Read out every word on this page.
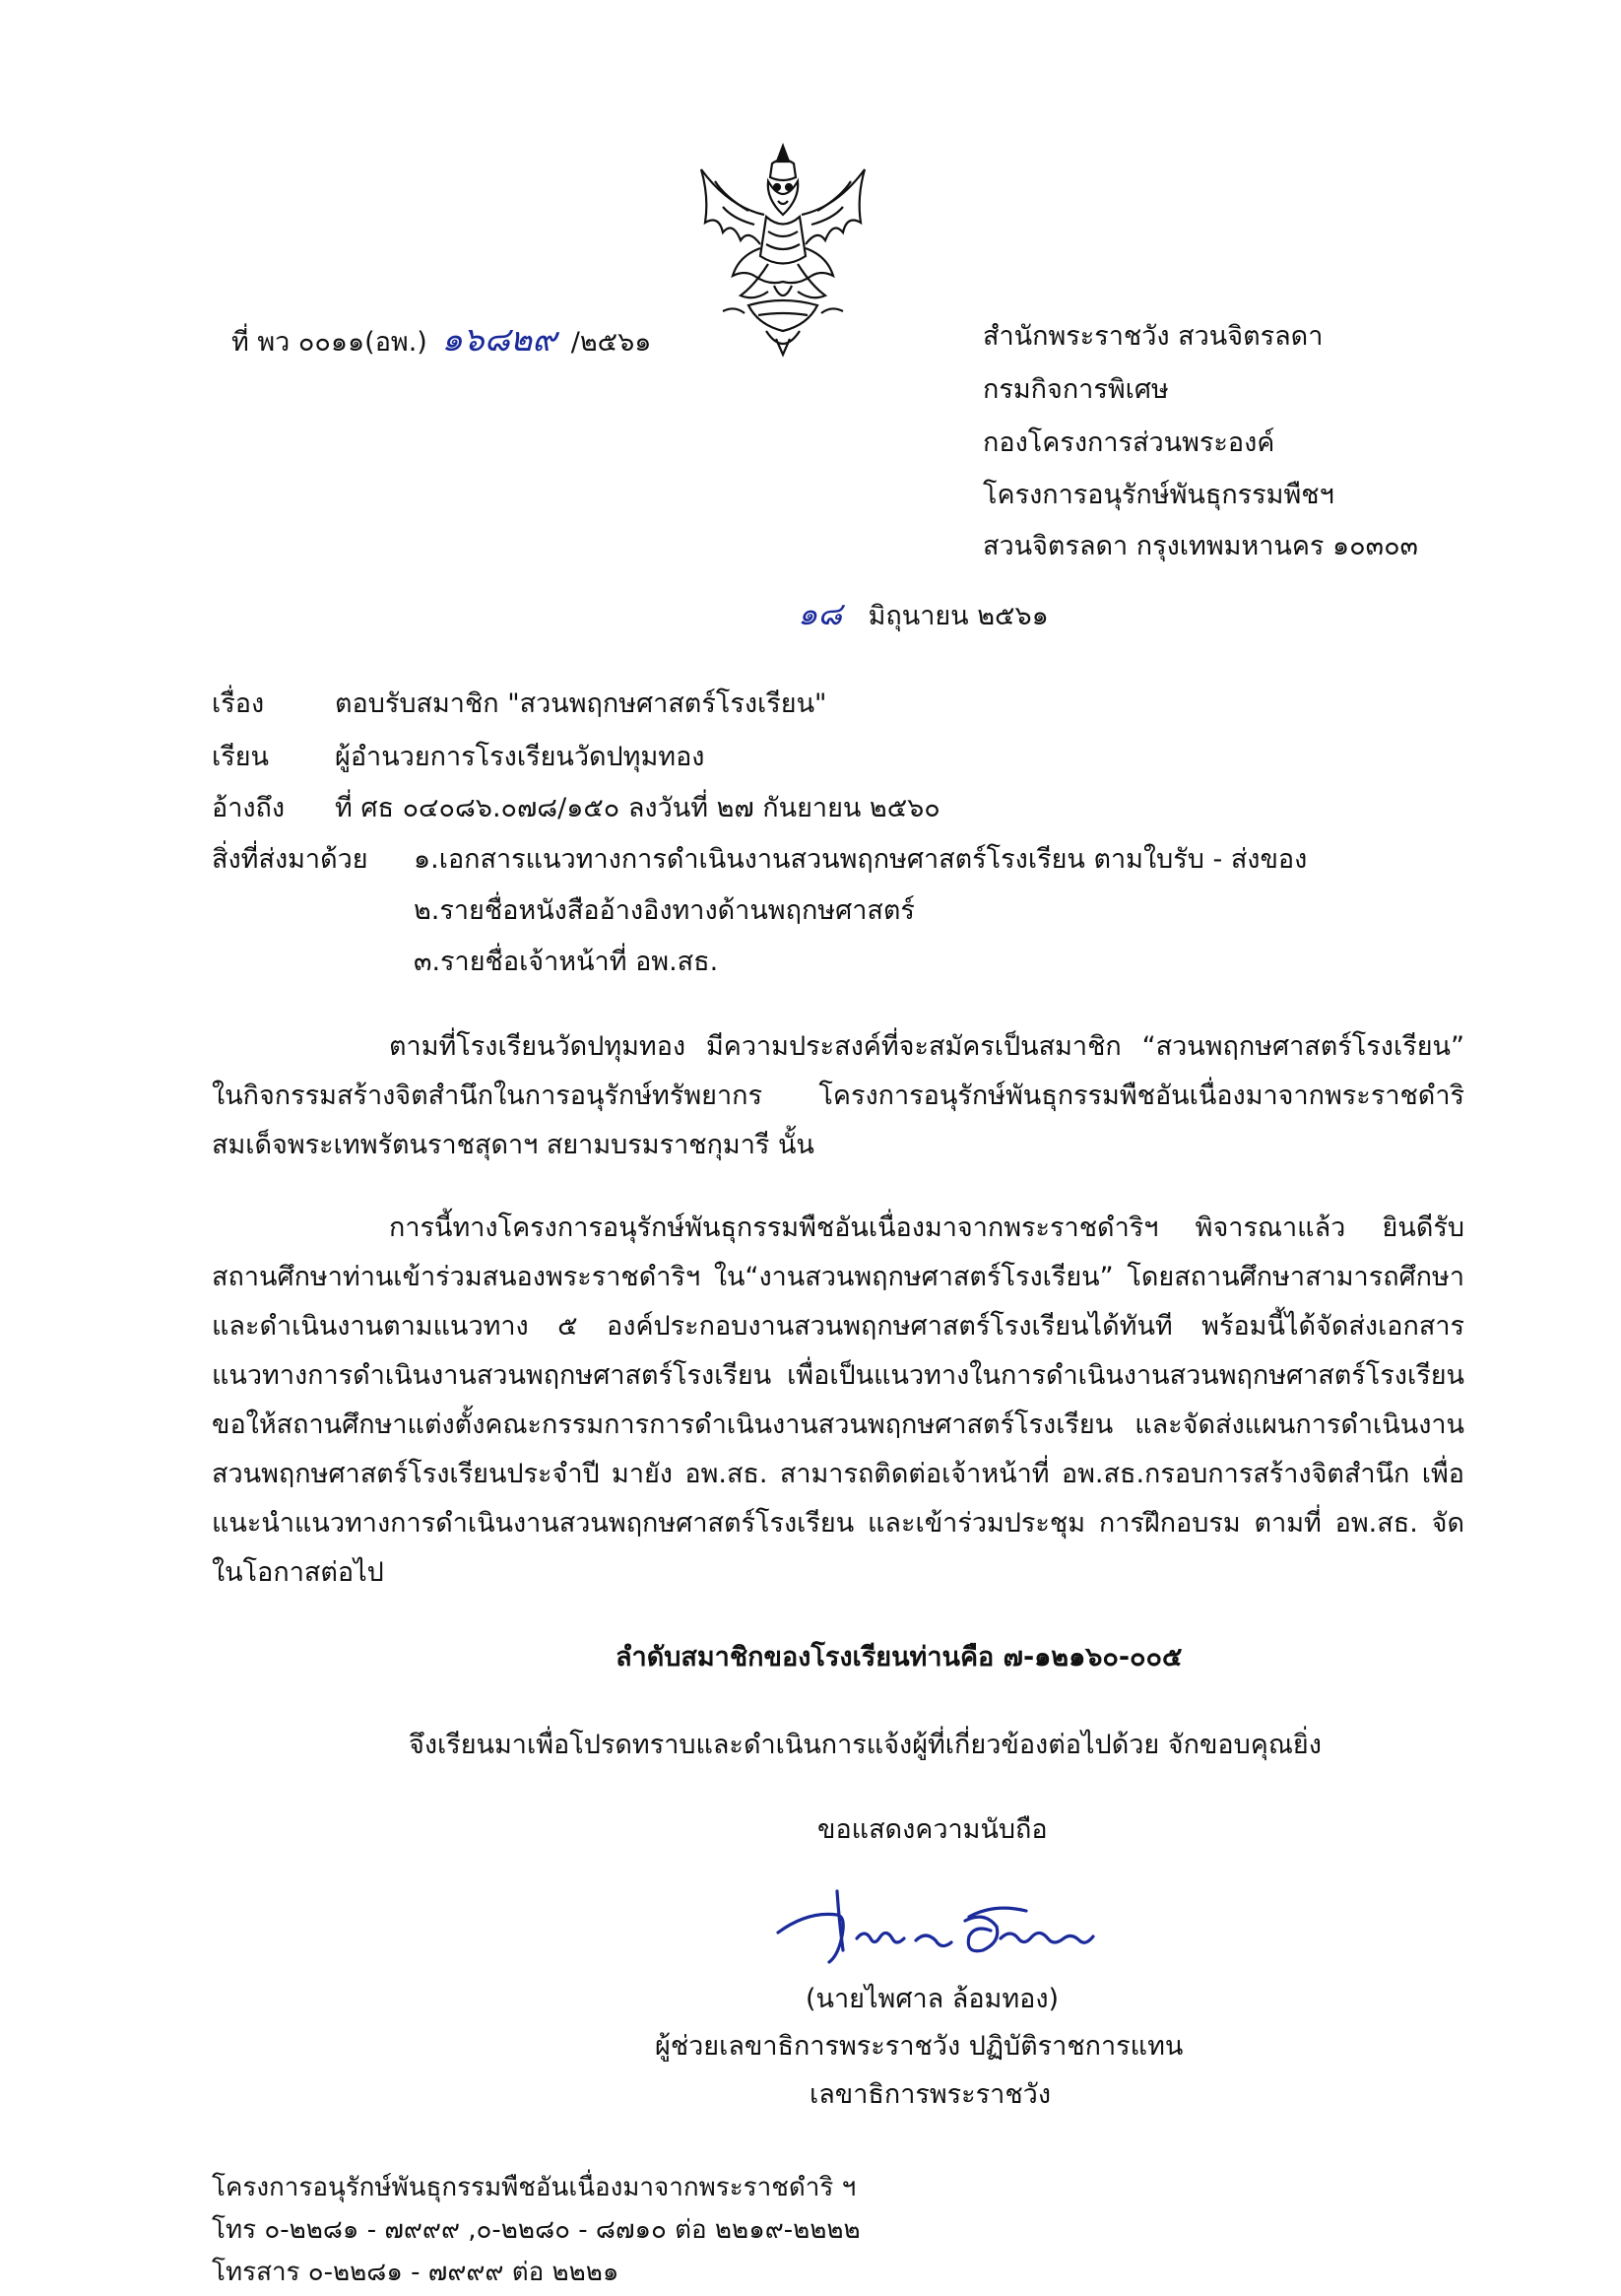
ที่ พว ๐๐๑๑(อพ.) ๑๖๘๒๙ /๒๕๖๑	สำนักพระราชวัง สวนจิตรลดา
กรมกิจการพิเศษ
กองโครงการส่วนพระองค์
โครงการอนุรักษ์พันธุกรรมพืชฯ
สวนจิตรลดา กรุงเทพมหานคร ๑๐๓๐๓
๑๘ มิถุนายน ๒๕๖๑
เรื่อง	ตอบรับสมาชิก "สวนพฤกษศาสตร์โรงเรียน"
เรียน ผู้อำนวยการโรงเรียนวัดปทุมทอง
อ้างถึง ที่ ศธ ๐๔๐๘๖.๐๗๘/๑๕๐ ลงวันที่ ๒๗ กันยายน ๒๕๖๐
สิ่งที่ส่งมาด้วย ๑.เอกสารแนวทางการดำเนินงานสวนพฤกษศาสตร์โรงเรียน ตามใบรับ - ส่งของ
๒.รายชื่อหนังสืออ้างอิงทางด้านพฤกษศาสตร์
๓.รายชื่อเจ้าหน้าที่ อพ.สธ.
ตามที่โรงเรียนวัดปทุมทอง มีความประสงค์ที่จะสมัครเป็นสมาชิก “สวนพฤกษศาสตร์โรงเรียน” ในกิจกรรมสร้างจิตสำนึกในการอนุรักษ์ทรัพยากร โครงการอนุรักษ์พันธุกรรมพืชอันเนื่องมาจากพระราชดำริ สมเด็จพระเทพรัตนราชสุดาฯ สยามบรมราชกุมารี นั้น
การนี้ทางโครงการอนุรักษ์พันธุกรรมพืชอันเนื่องมาจากพระราชดำริฯ พิจารณาแล้ว ยินดีรับสถานศึกษาท่านเข้าร่วมสนองพระราชดำริฯ ใน“งานสวนพฤกษศาสตร์โรงเรียน” โดยสถานศึกษาสามารถศึกษาและดำเนินงานตามแนวทาง ๕ องค์ประกอบงานสวนพฤกษศาสตร์โรงเรียนได้ทันที พร้อมนี้ได้จัดส่งเอกสารแนวทางการดำเนินงานสวนพฤกษศาสตร์โรงเรียน เพื่อเป็นแนวทางในการดำเนินงานสวนพฤกษศาสตร์โรงเรียน ขอให้สถานศึกษาแต่งตั้งคณะกรรมการการดำเนินงานสวนพฤกษศาสตร์โรงเรียน และจัดส่งแผนการดำเนินงานสวนพฤกษศาสตร์โรงเรียนประจำปี มายัง อพ.สธ. สามารถติดต่อเจ้าหน้าที่ อพ.สธ.กรอบการสร้างจิตสำนึก เพื่อแนะนำแนวทางการดำเนินงานสวนพฤกษศาสตร์โรงเรียน และเข้าร่วมประชุม การฝึกอบรม ตามที่ อพ.สธ. จัดในโอกาสต่อไป
ลำดับสมาชิกของโรงเรียนท่านคือ ๗-๑๒๑๖๐-๐๐๕
จึงเรียนมาเพื่อโปรดทราบและดำเนินการแจ้งผู้ที่เกี่ยวข้องต่อไปด้วย จักขอบคุณยิ่ง
ขอแสดงความนับถือ
(นายไพศาล ล้อมทอง)
ผู้ช่วยเลขาธิการพระราชวัง ปฏิบัติราชการแทน
เลขาธิการพระราชวัง
โครงการอนุรักษ์พันธุกรรมพืชอันเนื่องมาจากพระราชดำริ ฯ
โทร ๐-๒๒๘๑ - ๗๙๙๙ ,๐-๒๒๘๐ - ๘๗๑๐ ต่อ ๒๒๑๙-๒๒๒๒
โทรสาร ๐-๒๒๘๑ - ๗๙๙๙ ต่อ ๒๒๒๑
